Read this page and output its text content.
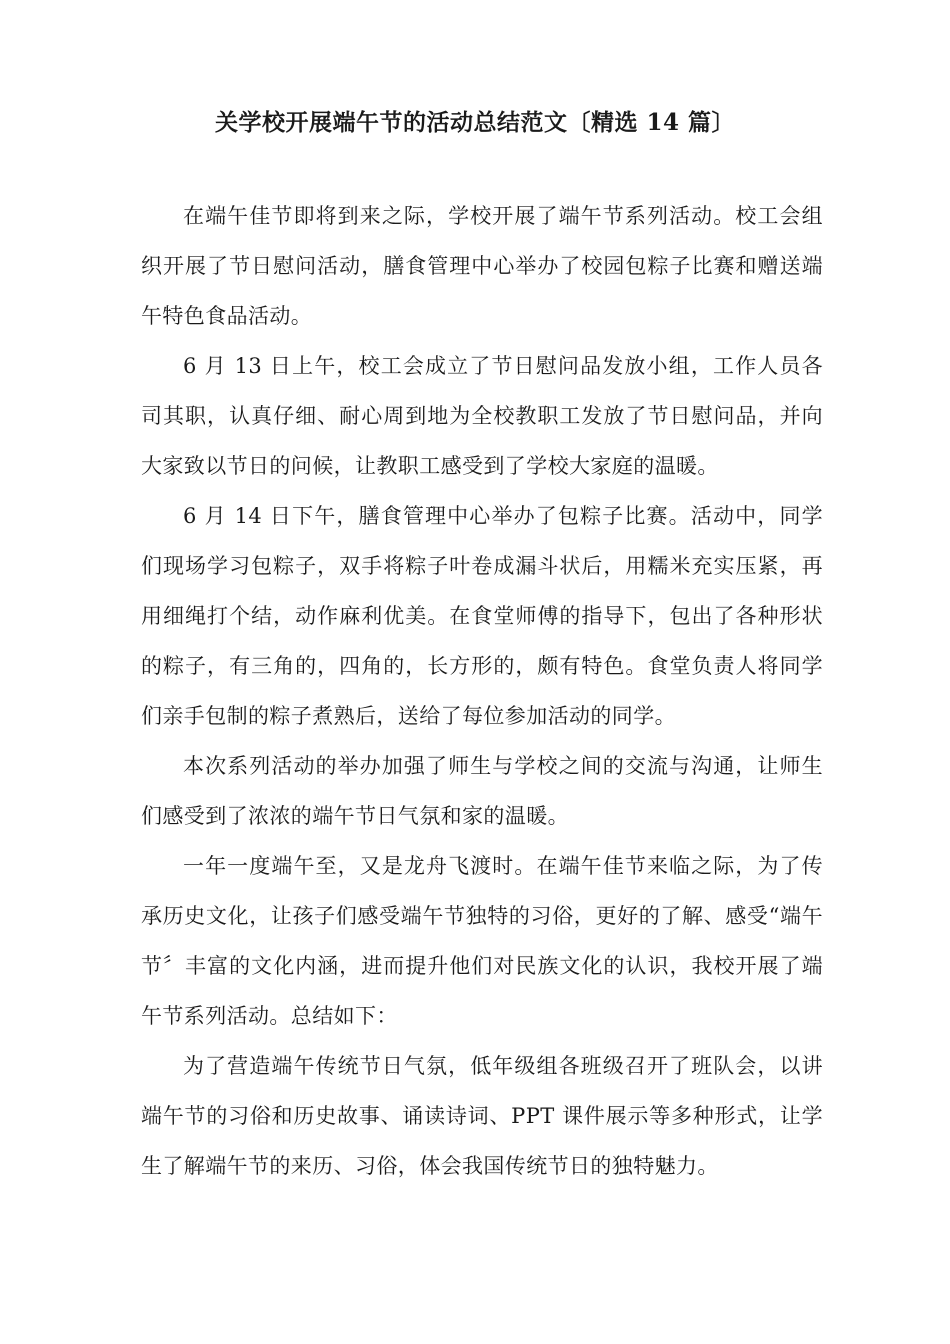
关学校开展端午节的活动总结范文〔精选 14 篇〕

在端午佳节即将到来之际，学校开展了端午节系列活动。校工会组织开展了节日慰问活动，膳食管理中心举办了校园包粽子比赛和赠送端午特色食品活动。

6 月 13 日上午，校工会成立了节日慰问品发放小组，工作人员各司其职，认真仔细、耐心周到地为全校教职工发放了节日慰问品，并向大家致以节日的问候，让教职工感受到了学校大家庭的温暖。

6 月 14 日下午，膳食管理中心举办了包粽子比赛。活动中，同学们现场学习包粽子，双手将粽子叶卷成漏斗状后，用糯米充实压紧，再用细绳打个结，动作麻利优美。在食堂师傅的指导下，包出了各种形状的粽子，有三角的，四角的，长方形的，颇有特色。食堂负责人将同学们亲手包制的粽子煮熟后，送给了每位参加活动的同学。

本次系列活动的举办加强了师生与学校之间的交流与沟通，让师生们感受到了浓浓的端午节日气氛和家的温暖。

一年一度端午至，又是龙舟飞渡时。在端午佳节来临之际，为了传承历史文化，让孩子们感受端午节独特的习俗，更好的了解、感受“端午节〞丰富的文化内涵，进而提升他们对民族文化的认识，我校开展了端午节系列活动。总结如下：

为了营造端午传统节日气氛，低年级组各班级召开了班队会，以讲端午节的习俗和历史故事、诵读诗词、PPT 课件展示等多种形式，让学生了解端午节的来历、习俗，体会我国传统节日的独特魅力。
